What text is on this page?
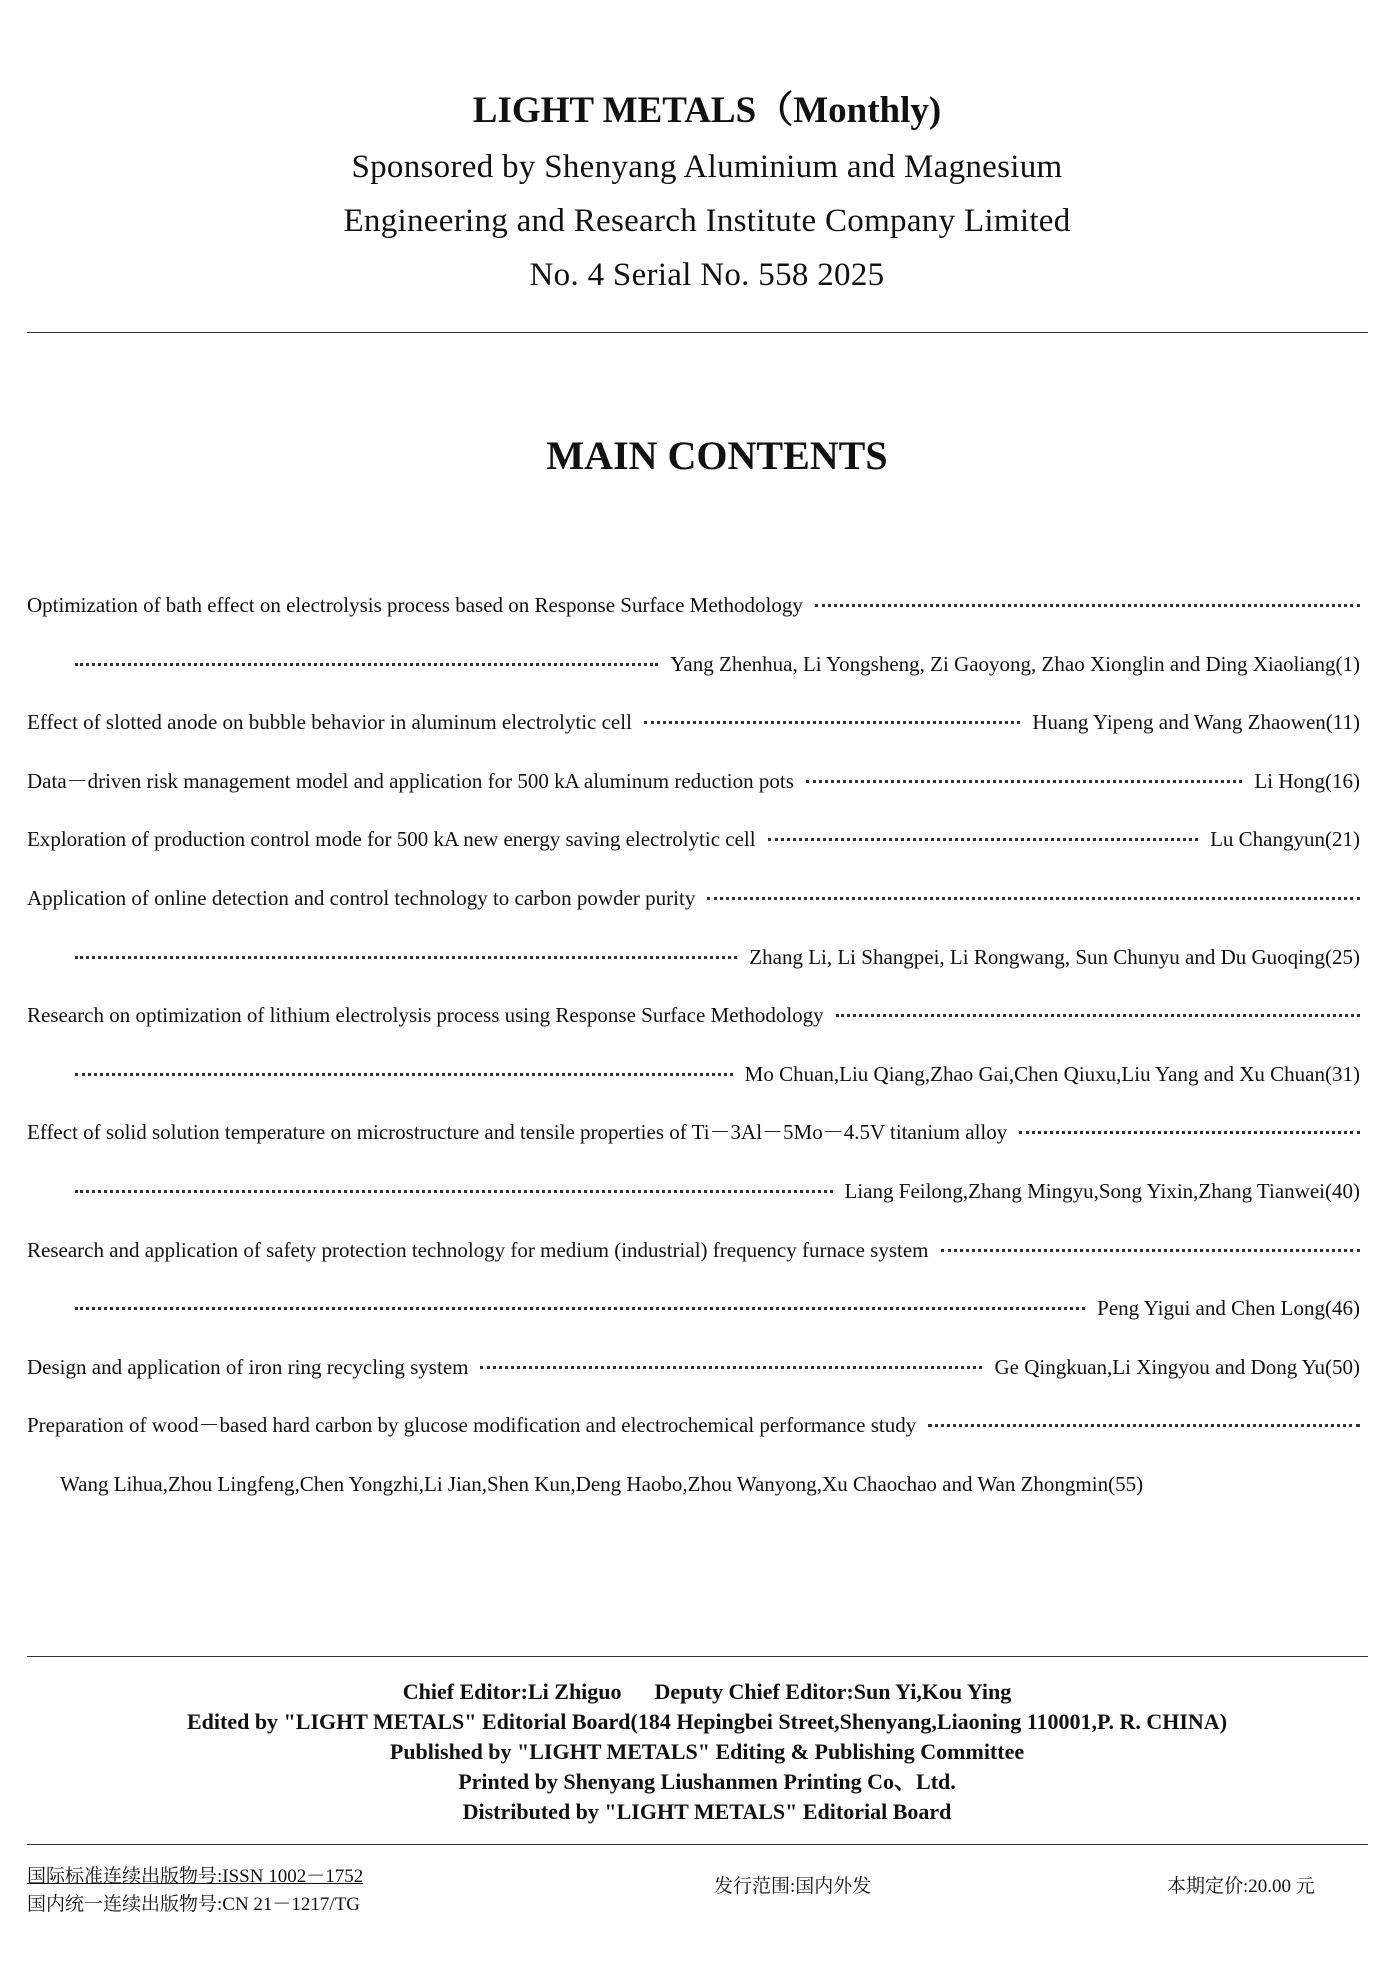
LIGHT METALS（Monthly)
Sponsored by Shenyang Aluminium and Magnesium
Engineering and Research Institute Company Limited
No. 4 Serial No. 558 2025
MAIN CONTENTS
Optimization of bath effect on electrolysis process based on Response Surface Methodology
Yang Zhenhua, Li Yongsheng, Zi Gaoyong, Zhao Xionglin and Ding Xiaoliang(1)
Effect of slotted anode on bubble behavior in aluminum electrolytic cell	Huang Yipeng and Wang Zhaowen(11)
Data－driven risk management model and application for 500 kA aluminum reduction pots	Li Hong(16)
Exploration of production control mode for 500 kA new energy saving electrolytic cell	Lu Changyun(21)
Application of online detection and control technology to carbon powder purity
Zhang Li, Li Shangpei, Li Rongwang, Sun Chunyu and Du Guoqing(25)
Research on optimization of lithium electrolysis process using Response Surface Methodology
Mo Chuan,Liu Qiang,Zhao Gai,Chen Qiuxu,Liu Yang and Xu Chuan(31)
Effect of solid solution temperature on microstructure and tensile properties of Ti－3Al－5Mo－4.5V titanium alloy
Liang Feilong,Zhang Mingyu,Song Yixin,Zhang Tianwei(40)
Research and application of safety protection technology for medium (industrial) frequency furnace system
Peng Yigui and Chen Long(46)
Design and application of iron ring recycling system	Ge Qingkuan,Li Xingyou and Dong Yu(50)
Preparation of wood－based hard carbon by glucose modification and electrochemical performance study
Wang Lihua,Zhou Lingfeng,Chen Yongzhi,Li Jian,Shen Kun,Deng Haobo,Zhou Wanyong,Xu Chaochao and Wan Zhongmin(55)
Chief Editor:Li Zhiguo      Deputy Chief Editor:Sun Yi,Kou Ying
Edited by "LIGHT METALS" Editorial Board(184 Hepingbei Street,Shenyang,Liaoning 110001,P. R. CHINA)
Published by "LIGHT METALS" Editing & Publishing Committee
Printed by Shenyang Liushanmen Printing Co、Ltd.
Distributed by "LIGHT METALS" Editorial Board
国际标准连续出版物号:ISSN 1002－1752
国内统一连续出版物号:CN 21－1217/TG
发行范围:国内外发	本期定价:20.00 元
